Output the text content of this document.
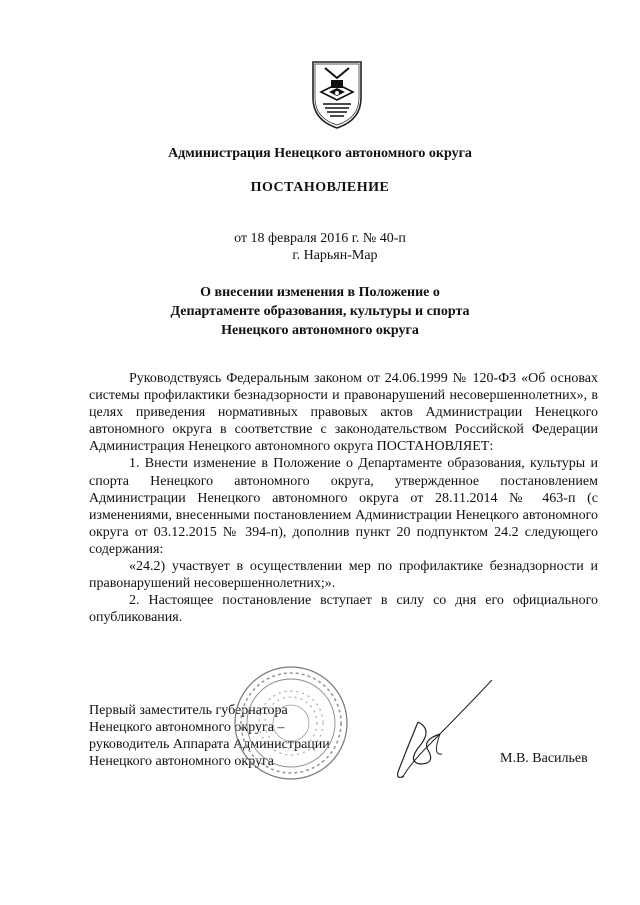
Администрация Ненецкого автономного округа
ПОСТАНОВЛЕНИЕ
от 18 февраля 2016 г. № 40-п
г. Нарьян-Мар
О внесении изменения в Положение о
Департаменте образования, культуры и спорта
Ненецкого автономного округа

Руководствуясь Федеральным законом от 24.06.1999 № 120-ФЗ «Об основах системы профилактики безнадзорности и правонарушений несовершеннолетних», в целях приведения нормативных правовых актов Администрации Ненецкого автономного округа в соответствие с законодательством Российской Федерации Администрация Ненецкого автономного округа ПОСТАНОВЛЯЕТ:

1. Внести изменение в Положение о Департаменте образования, культуры и спорта Ненецкого автономного округа, утвержденное постановлением Администрации Ненецкого автономного округа от 28.11.2014 № 463-п (с изменениями, внесенными постановлением Администрации Ненецкого автономного округа от 03.12.2015 № 394-п), дополнив пункт 20 подпунктом 24.2 следующего содержания:

«24.2) участвует в осуществлении мер по профилактике безнадзорности и правонарушений несовершеннолетних;».

2. Настоящее постановление вступает в силу со дня его официального опубликования.

Первый заместитель губернатора
Ненецкого автономного округа –
руководитель Аппарата Администрации
Ненецкого автономного округа	М.В. Васильев
